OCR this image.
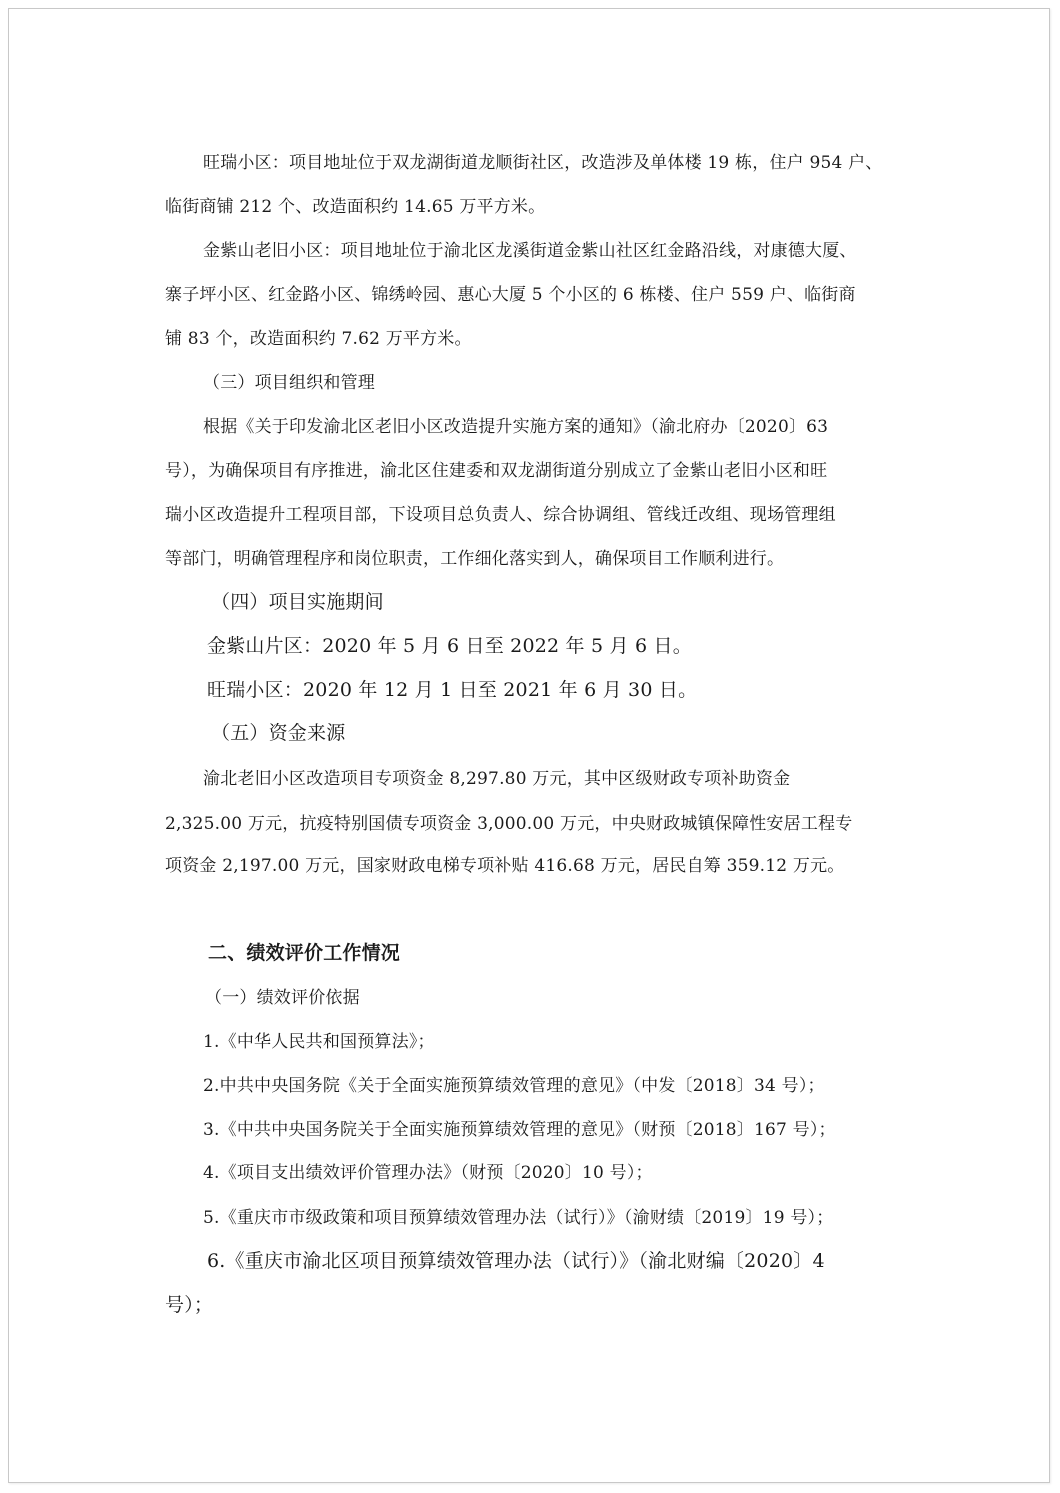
旺瑞小区：项目地址位于双龙湖街道龙顺街社区，改造涉及单体楼 19 栋，住户 954 户、
临街商铺 212 个、改造面积约 14.65 万平方米。
金紫山老旧小区：项目地址位于渝北区龙溪街道金紫山社区红金路沿线，对康德大厦、
寨子坪小区、红金路小区、锦绣岭园、惠心大厦 5 个小区的 6 栋楼、住户 559 户、临街商
铺 83 个，改造面积约 7.62 万平方米。
（三）项目组织和管理
根据《关于印发渝北区老旧小区改造提升实施方案的通知》（渝北府办〔2020〕63
号），为确保项目有序推进，渝北区住建委和双龙湖街道分别成立了金紫山老旧小区和旺
瑞小区改造提升工程项目部，下设项目总负责人、综合协调组、管线迁改组、现场管理组
等部门，明确管理程序和岗位职责，工作细化落实到人，确保项目工作顺利进行。
（四）项目实施期间
金紫山片区：2020 年 5 月 6 日至 2022 年 5 月 6 日。
旺瑞小区：2020 年 12 月 1 日至 2021 年 6 月 30 日。
（五）资金来源
渝北老旧小区改造项目专项资金 8,297.80 万元，其中区级财政专项补助资金
2,325.00 万元，抗疫特别国债专项资金 3,000.00 万元，中央财政城镇保障性安居工程专
项资金 2,197.00 万元，国家财政电梯专项补贴 416.68 万元，居民自筹 359.12 万元。
二、绩效评价工作情况
（一）绩效评价依据
1.《中华人民共和国预算法》；
2.中共中央国务院《关于全面实施预算绩效管理的意见》（中发〔2018〕34 号）；
3.《中共中央国务院关于全面实施预算绩效管理的意见》（财预〔2018〕167 号）；
4.《项目支出绩效评价管理办法》（财预〔2020〕10 号）；
5.《重庆市市级政策和项目预算绩效管理办法（试行）》（渝财绩〔2019〕19 号）；
6.《重庆市渝北区项目预算绩效管理办法（试行）》（渝北财编〔2020〕4
号）；
